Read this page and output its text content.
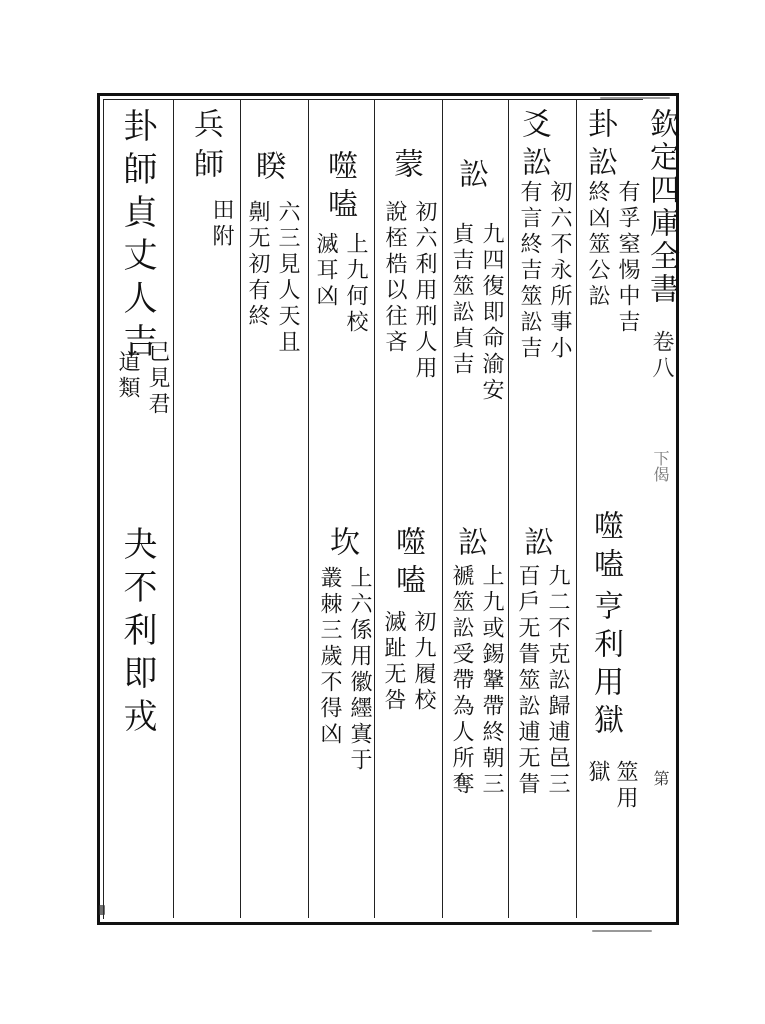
欽定四庫全書
卷八
下偈
第
卦訟
有孚窒惕中吉
終凶筮公訟
爻訟
初六不永所事小
有言終吉筮訟吉
訟
九四復即命渝安
貞吉筮訟貞吉
蒙
初六利用刑人用
說桎梏以往吝
噬
嗑
上九何校
滅耳凶
睽
六三見人天且
劓无初有終
兵
師
田附
卦師貞丈人吉
已見君
道類
噬
嗑
亨利用獄
筮用
獄
訟
九二不克訟歸逋邑三
百戶无眚筮訟逋无眚
訟
上九或錫鞶帶終朝三
褫筮訟受帶為人所奪
噬
嗑
初九履校
滅趾无咎
坎
上六係用徽纆寘于
叢棘三歲不得凶
夬不利即戎
